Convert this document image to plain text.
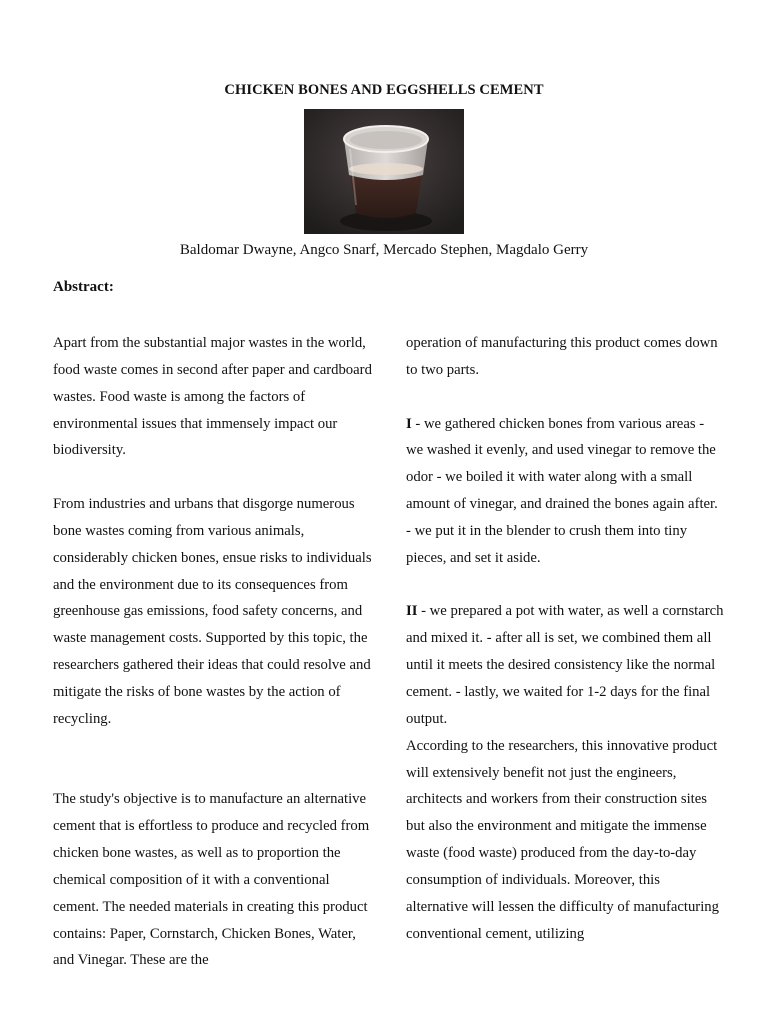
CHICKEN BONES AND EGGSHELLS CEMENT
Baldomar Dwayne, Angco Snarf, Mercado Stephen, Magdalo Gerry
Abstract:

Apart from the substantial major wastes in the world, food waste comes in second after paper and cardboard wastes. Food waste is among the factors of environmental issues that immensely impact our biodiversity.

From industries and urbans that disgorge numerous bone wastes coming from various animals, considerably chicken bones, ensue risks to individuals and the environment due to its consequences from greenhouse gas emissions, food safety concerns, and waste management costs. Supported by this topic, the researchers gathered their ideas that could resolve and mitigate the risks of bone wastes by the action of recycling.

The study's objective is to manufacture an alternative cement that is effortless to produce and recycled from chicken bone wastes, as well as to proportion the chemical composition of it with a conventional cement. The needed materials in creating this product contains: Paper, Cornstarch, Chicken Bones, Water, and Vinegar. These are the

operation of manufacturing this product comes down to two parts.

I - we gathered chicken bones from various areas - we washed it evenly, and used vinegar to remove the odor - we boiled it with water along with a small amount of vinegar, and drained the bones again after. - we put it in the blender to crush them into tiny pieces, and set it aside.

II - we prepared a pot with water, as well a cornstarch and mixed it. - after all is set, we combined them all until it meets the desired consistency like the normal cement. - lastly, we waited for 1-2 days for the final output.

According to the researchers, this innovative product will extensively benefit not just the engineers, architects and workers from their construction sites but also the environment and mitigate the immense waste (food waste) produced from the day-to-day consumption of individuals. Moreover, this alternative will lessen the difficulty of manufacturing conventional cement, utilizing
